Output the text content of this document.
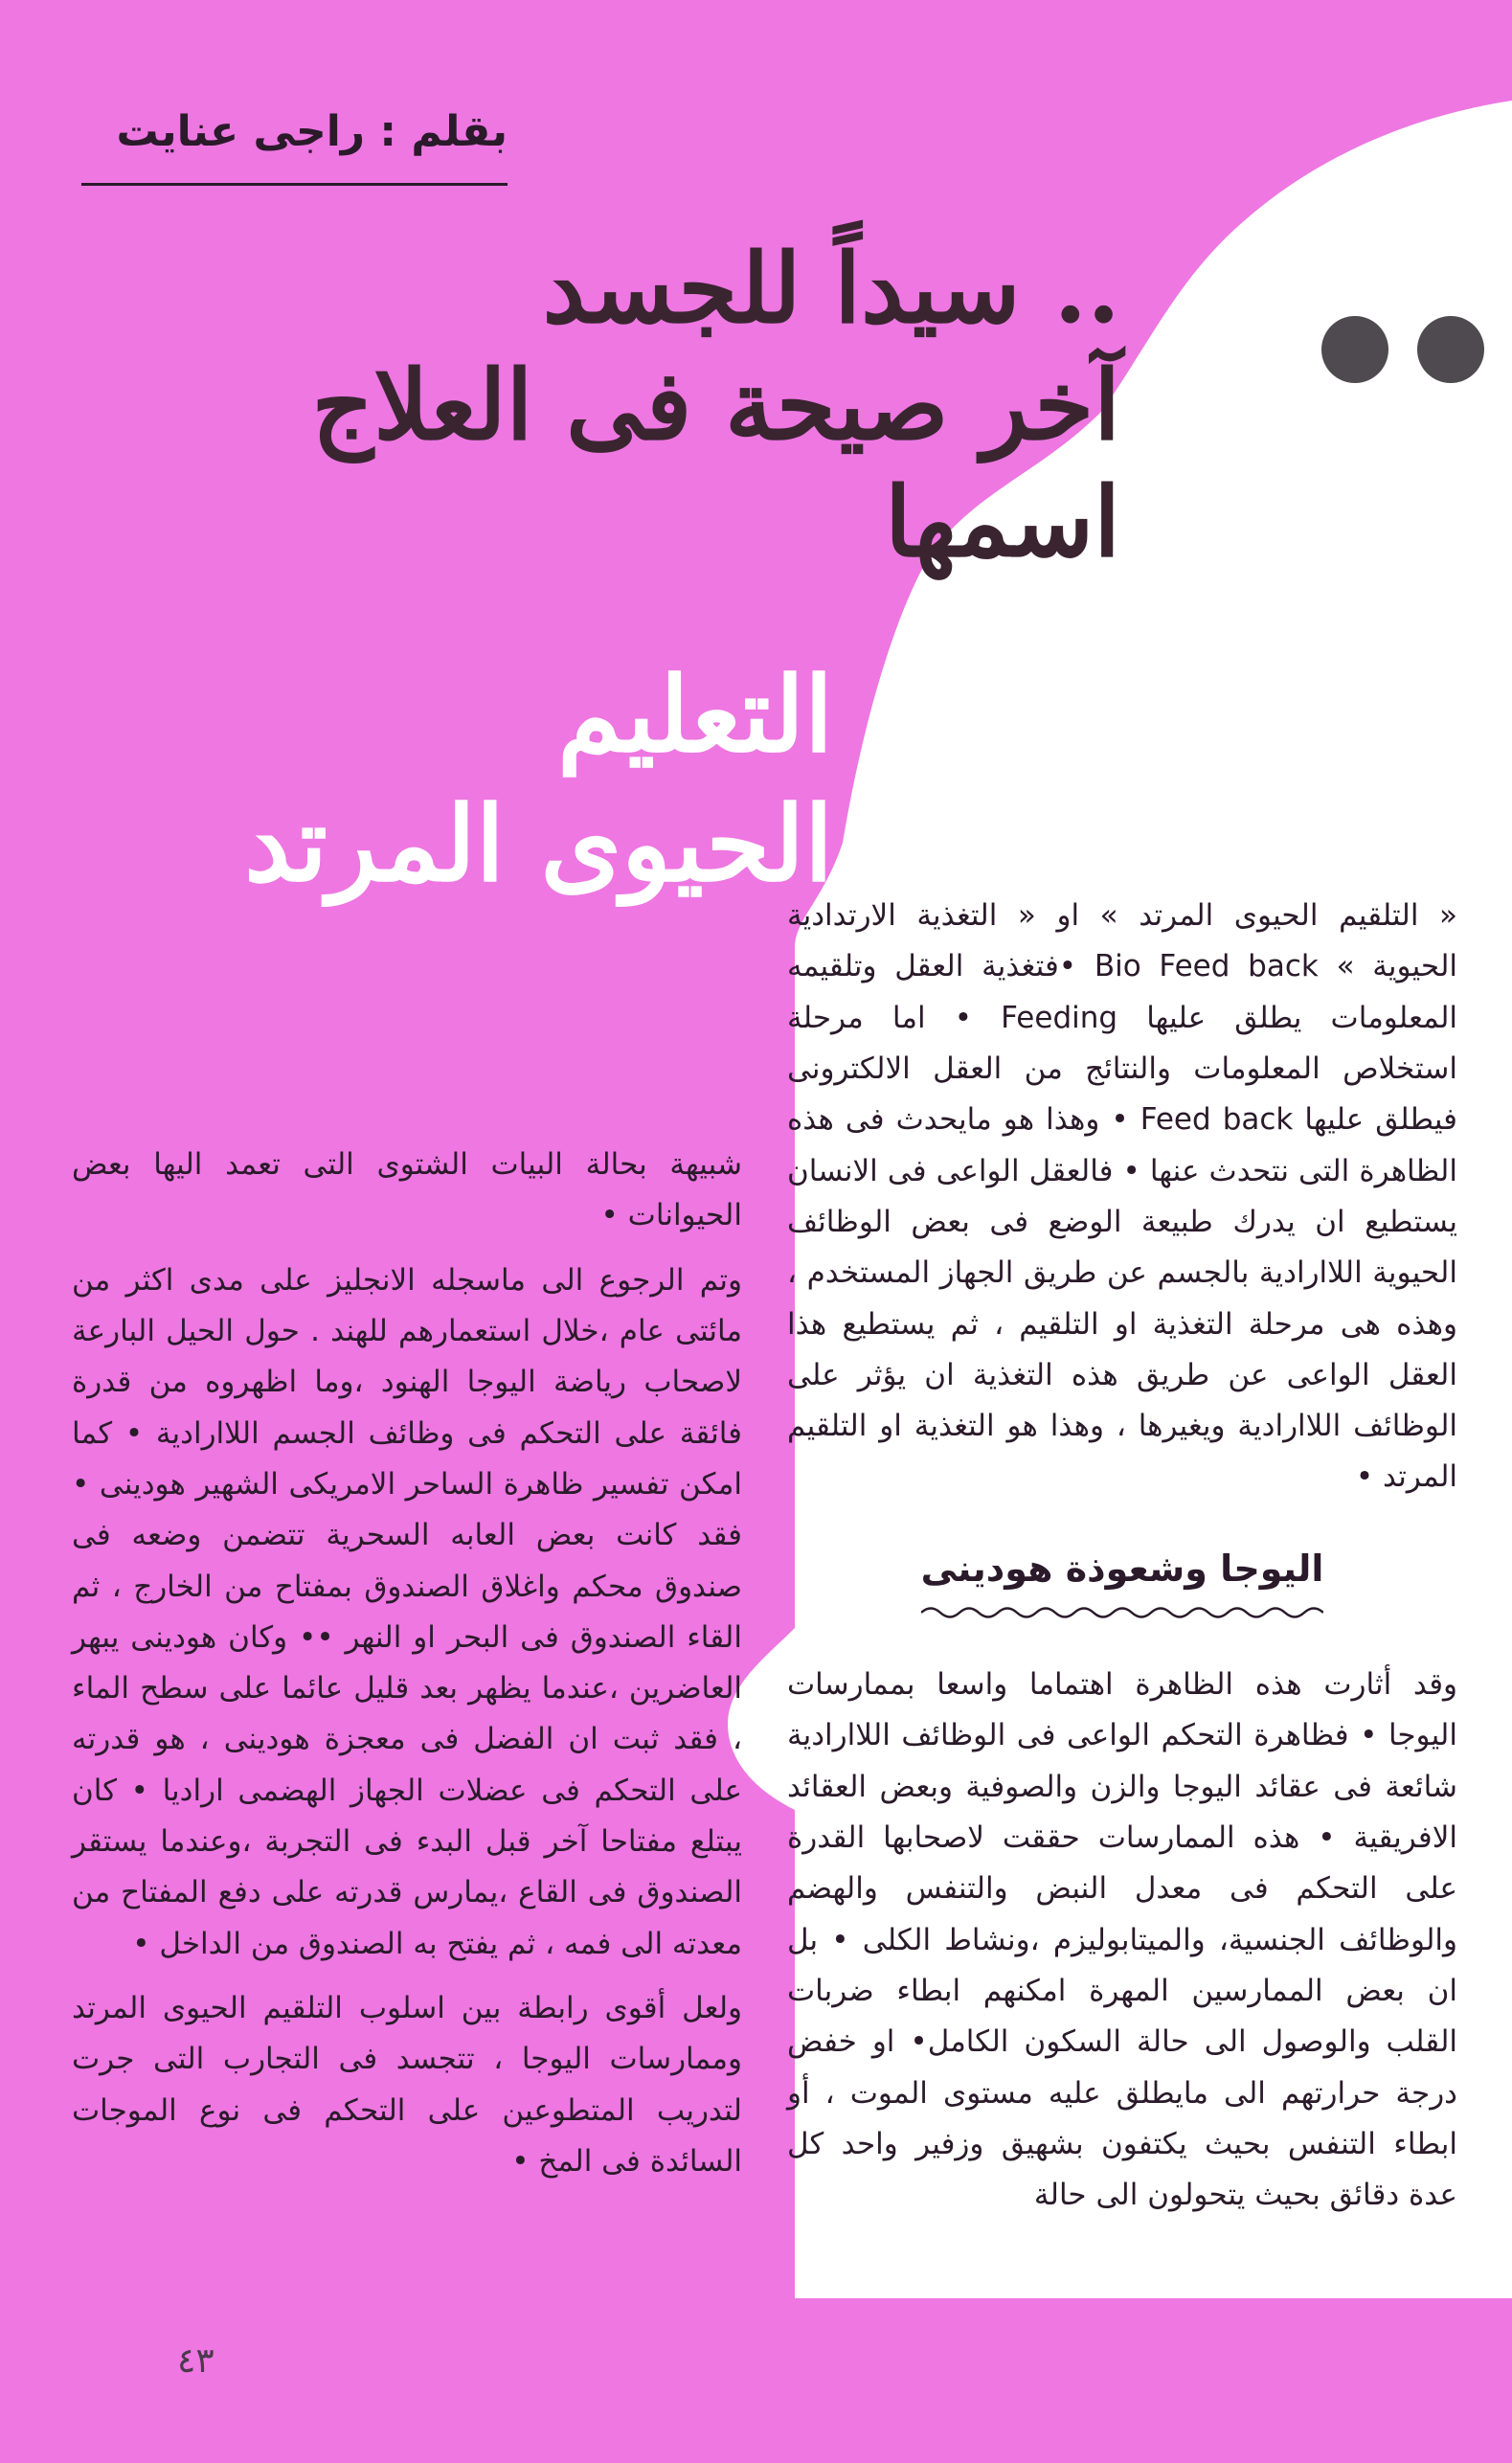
بقلم : راجى عنايت
سيداً للجسد ..
آخر صيحة فى العلاج
اسمها
التعليم
الحيوى المرتد

« التلقيم الحيوى المرتد » او « التغذية الارتدادية الحيوية » Bio Feed back •فتغذية العقل وتلقيمه المعلومات يطلق عليها Feeding • اما مرحلة استخلاص المعلومات والنتائج من العقل الالكترونى فيطلق عليها Feed back • وهذا هو مايحدث فى هذه الظاهرة التى نتحدث عنها • فالعقل الواعى فى الانسان يستطيع ان يدرك طبيعة الوضع فى بعض الوظائف الحيوية اللاارادية بالجسم عن طريق الجهاز المستخدم ، وهذه هى مرحلة التغذية او التلقيم ، ثم يستطيع هذا العقل الواعى عن طريق هذه التغذية ان يؤثر على الوظائف اللاارادية ويغيرها ، وهذا هو التغذية او التلقيم المرتد •

اليوجا وشعوذة هودينى

وقد أثارت هذه الظاهرة اهتماما واسعا بممارسات اليوجا • فظاهرة التحكم الواعى فى الوظائف اللاارادية شائعة فى عقائد اليوجا والزن والصوفية وبعض العقائد الافريقية • هذه الممارسات حققت لاصحابها القدرة على التحكم فى معدل النبض والتنفس والهضم والوظائف الجنسية، والميتابوليزم ،ونشاط الكلى • بل ان بعض الممارسين المهرة امكنهم ابطاء ضربات القلب والوصول الى حالة السكون الكامل• او خفض درجة حرارتهم الى مايطلق عليه مستوى الموت ، أو ابطاء التنفس بحيث يكتفون بشهيق وزفير واحد كل عدة دقائق بحيث يتحولون الى حالة

شبيهة بحالة البيات الشتوى التى تعمد اليها بعض الحيوانات •

وتم الرجوع الى ماسجله الانجليز على مدى اكثر من مائتى عام ،خلال استعمارهم للهند . حول الحيل البارعة لاصحاب رياضة اليوجا الهنود ،وما اظهروه من قدرة فائقة على التحكم فى وظائف الجسم اللاارادية • كما امكن تفسير ظاهرة الساحر الامريكى الشهير هودينى • فقد كانت بعض العابه السحرية تتضمن وضعه فى صندوق محكم واغلاق الصندوق بمفتاح من الخارج ، ثم القاء الصندوق فى البحر او النهر •• وكان هودينى يبهر العاضرين ،عندما يظهر بعد قليل عائما على سطح الماء ، فقد ثبت ان الفضل فى معجزة هودينى ، هو قدرته على التحكم فى عضلات الجهاز الهضمى اراديا • كان يبتلع مفتاحا آخر قبل البدء فى التجربة ،وعندما يستقر الصندوق فى القاع ،يمارس قدرته على دفع المفتاح من معدته الى فمه ، ثم يفتح به الصندوق من الداخل •

ولعل أقوى رابطة بين اسلوب التلقيم الحيوى المرتد وممارسات اليوجا ، تتجسد فى التجارب التى جرت لتدريب المتطوعين على التحكم فى نوع الموجات السائدة فى المخ •

٤٣
